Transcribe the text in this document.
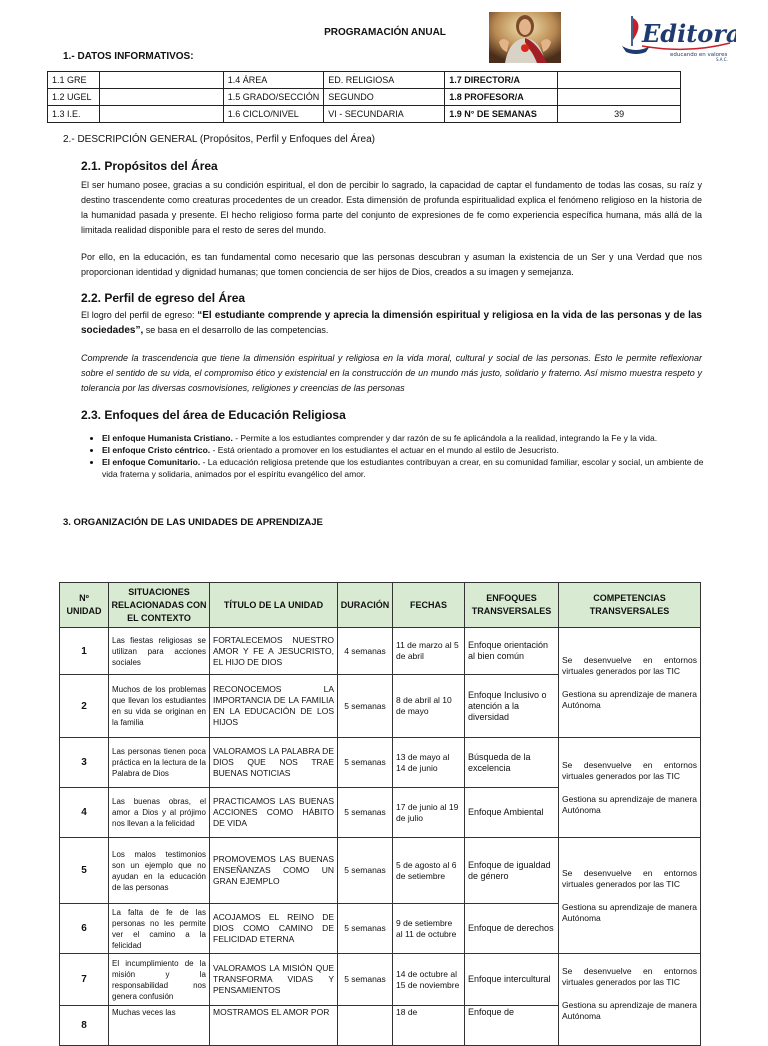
PROGRAMACIÓN ANUAL	Editora
educando en valores
S.A.C.
1.- DATOS INFORMATIVOS:
1.1 GRE		1.4 ÁREA	ED. RELIGIOSA	1.7 DIRECTOR/A	
1.2 UGEL		1.5 GRADO/SECCIÓN	SEGUNDO	1.8 PROFESOR/A	
1.3 I.E.		1.6 CICLO/NIVEL	VI - SECUNDARIA	1.9 N° DE SEMANAS	39
2.- DESCRIPCIÓN GENERAL (Propósitos, Perfil y Enfoques del Área)
2.1. Propósitos del Área
El ser humano posee, gracias a su condición espiritual, el don de percibir lo sagrado, la capacidad de captar el fundamento de todas las cosas, su raíz y destino trascendente como creaturas procedentes de un creador. Esta dimensión de profunda espiritualidad explica el fenómeno religioso en la historia de la humanidad pasada y presente. El hecho religioso forma parte del conjunto de expresiones de fe como experiencia específica humana, más allá de la limitada realidad disponible para el resto de seres del mundo.
Por ello, en la educación, es tan fundamental como necesario que las personas descubran y asuman la existencia de un Ser y una Verdad que nos proporcionan identidad y dignidad humanas; que tomen conciencia de ser hijos de Dios, creados a su imagen y semejanza.
2.2. Perfil de egreso del Área
El logro del perfil de egreso: “El estudiante comprende y aprecia la dimensión espiritual y religiosa en la vida de las personas y de las sociedades”, se basa en el desarrollo de las competencias.
Comprende la trascendencia que tiene la dimensión espiritual y religiosa en la vida moral, cultural y social de las personas. Esto le permite reflexionar sobre el sentido de su vida, el compromiso ético y existencial en la construcción de un mundo más justo, solidario y fraterno. Así mismo muestra respeto y tolerancia por las diversas cosmovisiones, religiones y creencias de las personas
2.3. Enfoques del área de Educación Religiosa
• El enfoque Humanista Cristiano. - Permite a los estudiantes comprender y dar razón de su fe aplicándola a la realidad, integrando la Fe y la vida.
• El enfoque Cristo céntrico. - Está orientado a promover en los estudiantes el actuar en el mundo al estilo de Jesucristo.
• El enfoque Comunitario. - La educación religiosa pretende que los estudiantes contribuyan a crear, en su comunidad familiar, escolar y social, un ambiente de vida fraterna y solidaria, animados por el espíritu evangélico del amor.
3. ORGANIZACIÓN DE LAS UNIDADES DE APRENDIZAJE
Nº UNIDAD	SITUACIONES RELACIONADAS CON EL CONTEXTO	TÍTULO DE LA UNIDAD	DURACIÓN	FECHAS	ENFOQUES TRANSVERSALES	COMPETENCIAS TRANSVERSALES
1	Las fiestas religiosas se utilizan para acciones sociales	FORTALECEMOS NUESTRO AMOR Y FE A JESUCRISTO, EL HIJO DE DIOS	4 semanas	11 de marzo al 5 de abril	Enfoque orientación al bien común	Se desenvuelve en entornos virtuales generados por las TIC

Gestiona su aprendizaje de manera Autónoma

2	Muchos de los problemas que llevan los estudiantes en su vida se originan en la familia	RECONOCEMOS LA IMPORTANCIA DE LA FAMILIA EN LA EDUCACIÓN DE LOS HIJOS	5 semanas	8 de abril al 10 de mayo	Enfoque Inclusivo o atención a la diversidad	
3	Las personas tienen poca práctica en la lectura de la Palabra de Dios	VALORAMOS LA PALABRA DE DIOS QUE NOS TRAE BUENAS NOTICIAS	5 semanas	13 de mayo al 14 de junio	Búsqueda de la excelencia	Se desenvuelve en entornos virtuales generados por las TIC

Gestiona su aprendizaje de manera Autónoma

4	Las buenas obras, el amor a Dios y al prójimo nos llevan a la felicidad	PRACTICAMOS LAS BUENAS ACCIONES COMO HÁBITO DE VIDA	5 semanas	17 de junio al 19 de julio	Enfoque Ambiental	
5	Los malos testimonios son un ejemplo que no ayudan en la educación de las personas	PROMOVEMOS LAS BUENAS ENSEÑANZAS COMO UN GRAN EJEMPLO	5 semanas	5 de agosto al 6 de setiembre	Enfoque de igualdad de género	Se desenvuelve en entornos virtuales generados por las TIC

Gestiona su aprendizaje de manera Autónoma

6	La falta de fe de las personas no les permite ver el camino a la felicidad	ACOJAMOS EL REINO DE DIOS COMO CAMINO DE FELICIDAD ETERNA	5 semanas	9 de setiembre al 11 de octubre	Enfoque de derechos	
7	El incumplimiento de la misión y la responsabilidad nos genera confusión	VALORAMOS LA MISIÓN QUE TRANSFORMA VIDAS Y PENSAMIENTOS	5 semanas	14 de octubre al 15 de noviembre	Enfoque intercultural	Se desenvuelve en entornos virtuales generados por las TIC

Gestiona su aprendizaje de manera Autónoma

8	Muchas veces las	MOSTRAMOS EL AMOR POR		18 de	Enfoque de	
